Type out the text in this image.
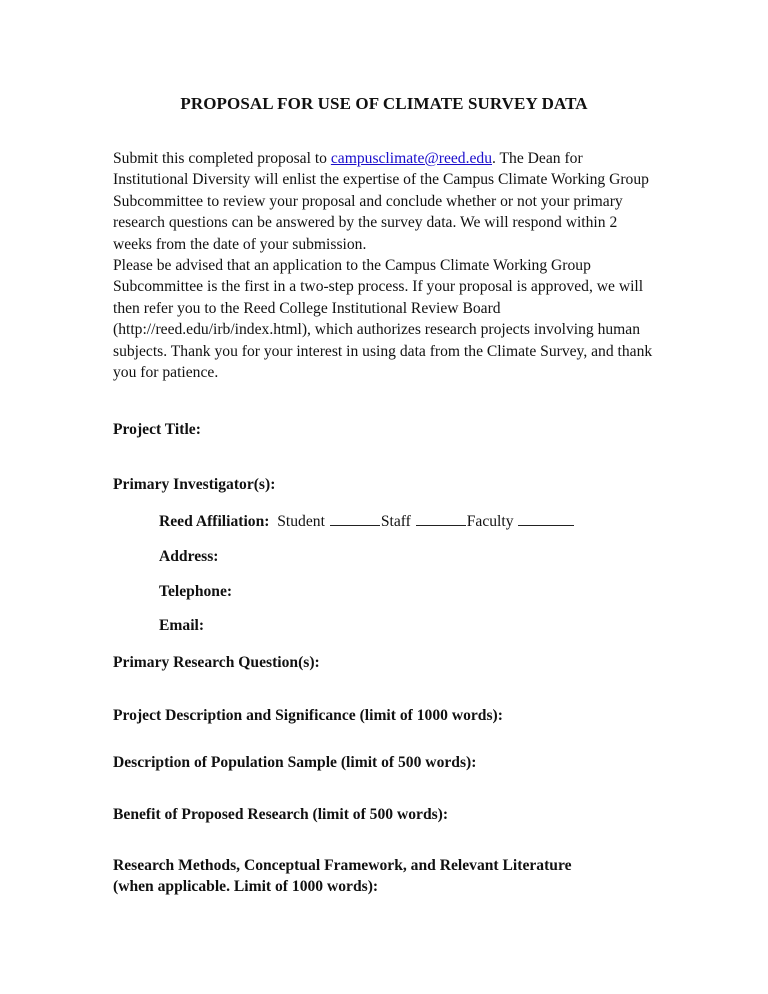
PROPOSAL FOR USE OF CLIMATE SURVEY DATA

Submit this completed proposal to campusclimate@reed.edu. The Dean for Institutional Diversity will enlist the expertise of the Campus Climate Working Group Subcommittee to review your proposal and conclude whether or not your primary research questions can be answered by the survey data. We will respond within 2 weeks from the date of your submission.

Please be advised that an application to the Campus Climate Working Group Subcommittee is the first in a two-step process. If your proposal is approved, we will then refer you to the Reed College Institutional Review Board (http://reed.edu/irb/index.html), which authorizes research projects involving human subjects. Thank you for your interest in using data from the Climate Survey, and thank you for patience.

Project Title:
Primary Investigator(s):
Reed Affiliation: Student	Staff	Faculty
Address:
Telephone:
Email:
Primary Research Question(s):
Project Description and Significance (limit of 1000 words):
Description of Population Sample (limit of 500 words):
Benefit of Proposed Research (limit of 500 words):
Research Methods, Conceptual Framework, and Relevant Literature (when applicable. Limit of 1000 words):
